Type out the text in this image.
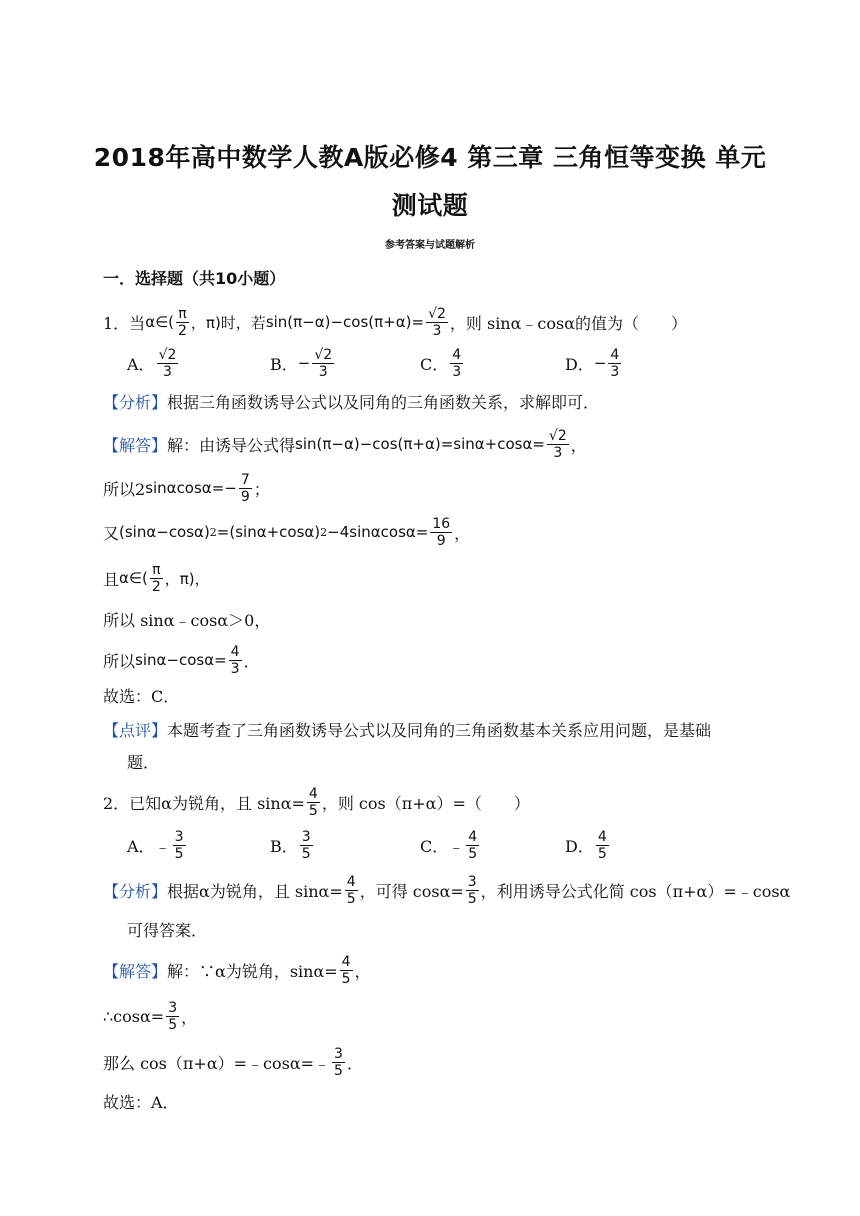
2018年高中数学人教A版必修4 第三章 三角恒等变换 单元
测试题
参考答案与试题解析
一．选择题（共10小题）
1．当 α∈( $\frac{\pi}{2}$ ，π)时，若 $\sin(\pi-\alpha)-\cos(\pi+\alpha)= \frac{√2}{3}$ ，则 sinα﹣cosα的值为（　　）
A． $\frac{√2}{3}$	B． − $\frac{√2}{3}$	C． $\frac{4}{3}$	D． − $\frac{4}{3}$
【分析】 根据三角函数诱导公式以及同角的三角函数关系，求解即可．
【解答】 解：由诱导公式得 $\sin(\pi-\alpha)-\cos(\pi+\alpha)=\sin\alpha+\cos\alpha= \frac{√2}{3}$ ，
所以2 $\sin\alpha\cos\alpha=- \frac{7}{9}$ ；
又 (sinα−cosα) 2 =(sinα+cosα) $2 -4\sin\alpha\cos\alpha= \frac{16}{9}$ ，
且 α∈( $\frac{\pi}{2}$ ，π)，
所以 sinα﹣cosα＞0，
所以 $\sin\alpha-\cos\alpha= \frac{4}{3}$ ．
故选：C．
【点评】 本题考查了三角函数诱导公式以及同角的三角函数基本关系应用问题，是基础
题．
2．已知α为锐角，且 $\sin\alpha= \frac{4}{5}$ ，则 cos（π+α）=（　　）
A． ﹣ $\frac{3}{5}$	B． $\frac{3}{5}$	C． ﹣ $\frac{4}{5}$	D． $\frac{4}{5}$
【分析】 根据α为锐角，且 $\sin\alpha= \frac{4}{5}$ ，可得 $\cos\alpha= \frac{3}{5}$ ，利用诱导公式化简 cos（π+α）=﹣cosα
可得答案．
【解答】 解：∵α为锐角，$\sin\alpha= \frac{4}{5}$ ，
∴cosα= $\frac{3}{5}$ ，
那么 cos（π+α）=﹣cosα=﹣ $\frac{3}{5}$ ．
故选：A．
